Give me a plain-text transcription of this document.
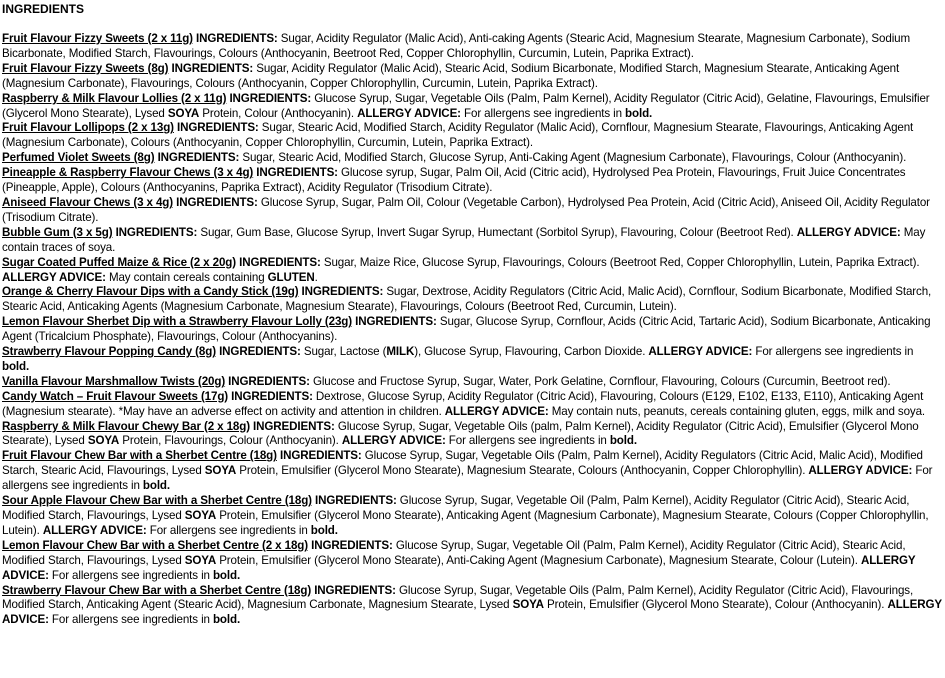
INGREDIENTS

Fruit Flavour Fizzy Sweets (2 x 11g) INGREDIENTS: Sugar, Acidity Regulator (Malic Acid), Anti-caking Agents (Stearic Acid, Magnesium Stearate, Magnesium Carbonate), Sodium Bicarbonate, Modified Starch, Flavourings, Colours (Anthocyanin, Beetroot Red, Copper Chlorophyllin, Curcumin, Lutein, Paprika Extract).

Fruit Flavour Fizzy Sweets (8g) INGREDIENTS: Sugar, Acidity Regulator (Malic Acid), Stearic Acid, Sodium Bicarbonate, Modified Starch, Magnesium Stearate, Anticaking Agent (Magnesium Carbonate), Flavourings, Colours (Anthocyanin, Copper Chlorophyllin, Curcumin, Lutein, Paprika Extract).

Raspberry & Milk Flavour Lollies (2 x 11g) INGREDIENTS: Glucose Syrup, Sugar, Vegetable Oils (Palm, Palm Kernel), Acidity Regulator (Citric Acid), Gelatine, Flavourings, Emulsifier (Glycerol Mono Stearate), Lysed SOYA Protein, Colour (Anthocyanin). ALLERGY ADVICE: For allergens see ingredients in bold.

Fruit Flavour Lollipops (2 x 13g) INGREDIENTS: Sugar, Stearic Acid, Modified Starch, Acidity Regulator (Malic Acid), Cornflour, Magnesium Stearate, Flavourings, Anticaking Agent (Magnesium Carbonate), Colours (Anthocyanin, Copper Chlorophyllin, Curcumin, Lutein, Paprika Extract).

Perfumed Violet Sweets (8g) INGREDIENTS: Sugar, Stearic Acid, Modified Starch, Glucose Syrup, Anti-Caking Agent (Magnesium Carbonate), Flavourings, Colour (Anthocyanin).

Pineapple & Raspberry Flavour Chews (3 x 4g) INGREDIENTS: Glucose syrup, Sugar, Palm Oil, Acid (Citric acid), Hydrolysed Pea Protein, Flavourings, Fruit Juice Concentrates (Pineapple, Apple), Colours (Anthocyanins, Paprika Extract), Acidity Regulator (Trisodium Citrate).

Aniseed Flavour Chews (3 x 4g) INGREDIENTS: Glucose Syrup, Sugar, Palm Oil, Colour (Vegetable Carbon), Hydrolysed Pea Protein, Acid (Citric Acid), Aniseed Oil, Acidity Regulator (Trisodium Citrate).

Bubble Gum (3 x 5g) INGREDIENTS: Sugar, Gum Base, Glucose Syrup, Invert Sugar Syrup, Humectant (Sorbitol Syrup), Flavouring, Colour (Beetroot Red). ALLERGY ADVICE: May contain traces of soya.

Sugar Coated Puffed Maize & Rice (2 x 20g) INGREDIENTS: Sugar, Maize Rice, Glucose Syrup, Flavourings, Colours (Beetroot Red, Copper Chlorophyllin, Lutein, Paprika Extract). ALLERGY ADVICE: May contain cereals containing GLUTEN.

Orange & Cherry Flavour Dips with a Candy Stick (19g) INGREDIENTS: Sugar, Dextrose, Acidity Regulators (Citric Acid, Malic Acid), Cornflour, Sodium Bicarbonate, Modified Starch, Stearic Acid, Anticaking Agents (Magnesium Carbonate, Magnesium Stearate), Flavourings, Colours (Beetroot Red, Curcumin, Lutein).

Lemon Flavour Sherbet Dip with a Strawberry Flavour Lolly (23g) INGREDIENTS: Sugar, Glucose Syrup, Cornflour, Acids (Citric Acid, Tartaric Acid), Sodium Bicarbonate, Anticaking Agent (Tricalcium Phosphate), Flavourings, Colour (Anthocyanins).

Strawberry Flavour Popping Candy (8g) INGREDIENTS: Sugar, Lactose (MILK), Glucose Syrup, Flavouring, Carbon Dioxide. ALLERGY ADVICE: For allergens see ingredients in bold.

Vanilla Flavour Marshmallow Twists (20g) INGREDIENTS: Glucose and Fructose Syrup, Sugar, Water, Pork Gelatine, Cornflour, Flavouring, Colours (Curcumin, Beetroot red).

Candy Watch – Fruit Flavour Sweets (17g) INGREDIENTS: Dextrose, Glucose Syrup, Acidity Regulator (Citric Acid), Flavouring, Colours (E129, E102, E133, E110), Anticaking Agent (Magnesium stearate). *May have an adverse effect on activity and attention in children. ALLERGY ADVICE: May contain nuts, peanuts, cereals containing gluten, eggs, milk and soya.

Raspberry & Milk Flavour Chewy Bar (2 x 18g) INGREDIENTS: Glucose Syrup, Sugar, Vegetable Oils (palm, Palm Kernel), Acidity Regulator (Citric Acid), Emulsifier (Glycerol Mono Stearate), Lysed SOYA Protein, Flavourings, Colour (Anthocyanin). ALLERGY ADVICE: For allergens see ingredients in bold.

Fruit Flavour Chew Bar with a Sherbet Centre (18g) INGREDIENTS: Glucose Syrup, Sugar, Vegetable Oils (Palm, Palm Kernel), Acidity Regulators (Citric Acid, Malic Acid), Modified Starch, Stearic Acid, Flavourings, Lysed SOYA Protein, Emulsifier (Glycerol Mono Stearate), Magnesium Stearate, Colours (Anthocyanin, Copper Chlorophyllin). ALLERGY ADVICE: For allergens see ingredients in bold.

Sour Apple Flavour Chew Bar with a Sherbet Centre (18g) INGREDIENTS: Glucose Syrup, Sugar, Vegetable Oil (Palm, Palm Kernel), Acidity Regulator (Citric Acid), Stearic Acid, Modified Starch, Flavourings, Lysed SOYA Protein, Emulsifier (Glycerol Mono Stearate), Anticaking Agent (Magnesium Carbonate), Magnesium Stearate, Colours (Copper Chlorophyllin, Lutein). ALLERGY ADVICE: For allergens see ingredients in bold.

Lemon Flavour Chew Bar with a Sherbet Centre (2 x 18g) INGREDIENTS: Glucose Syrup, Sugar, Vegetable Oil (Palm, Palm Kernel), Acidity Regulator (Citric Acid), Stearic Acid, Modified Starch, Flavourings, Lysed SOYA Protein, Emulsifier (Glycerol Mono Stearate), Anti-Caking Agent (Magnesium Carbonate), Magnesium Stearate, Colour (Lutein). ALLERGY ADVICE: For allergens see ingredients in bold.

Strawberry Flavour Chew Bar with a Sherbet Centre (18g) INGREDIENTS: Glucose Syrup, Sugar, Vegetable Oils (Palm, Palm Kernel), Acidity Regulator (Citric Acid), Flavourings, Modified Starch, Anticaking Agent (Stearic Acid), Magnesium Carbonate, Magnesium Stearate, Lysed SOYA Protein, Emulsifier (Glycerol Mono Stearate), Colour (Anthocyanin). ALLERGY ADVICE: For allergens see ingredients in bold.
